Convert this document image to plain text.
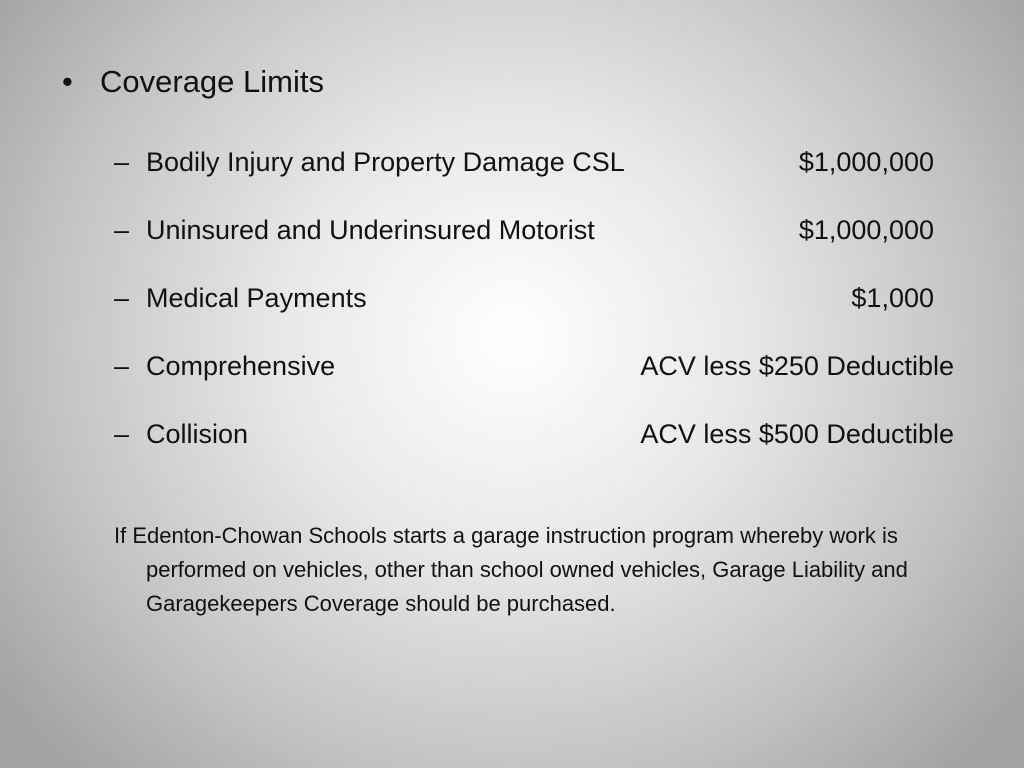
• Coverage Limits
– Bodily Injury and Property Damage CSL	$1,000,000
– Uninsured and Underinsured Motorist	$1,000,000
– Medical Payments	$1,000
– Comprehensive	ACV less $250 Deductible
– Collision	ACV less $500 Deductible
If Edenton-Chowan Schools starts a garage instruction program whereby work is performed on vehicles, other than school owned vehicles, Garage Liability and Garagekeepers Coverage should be purchased.
